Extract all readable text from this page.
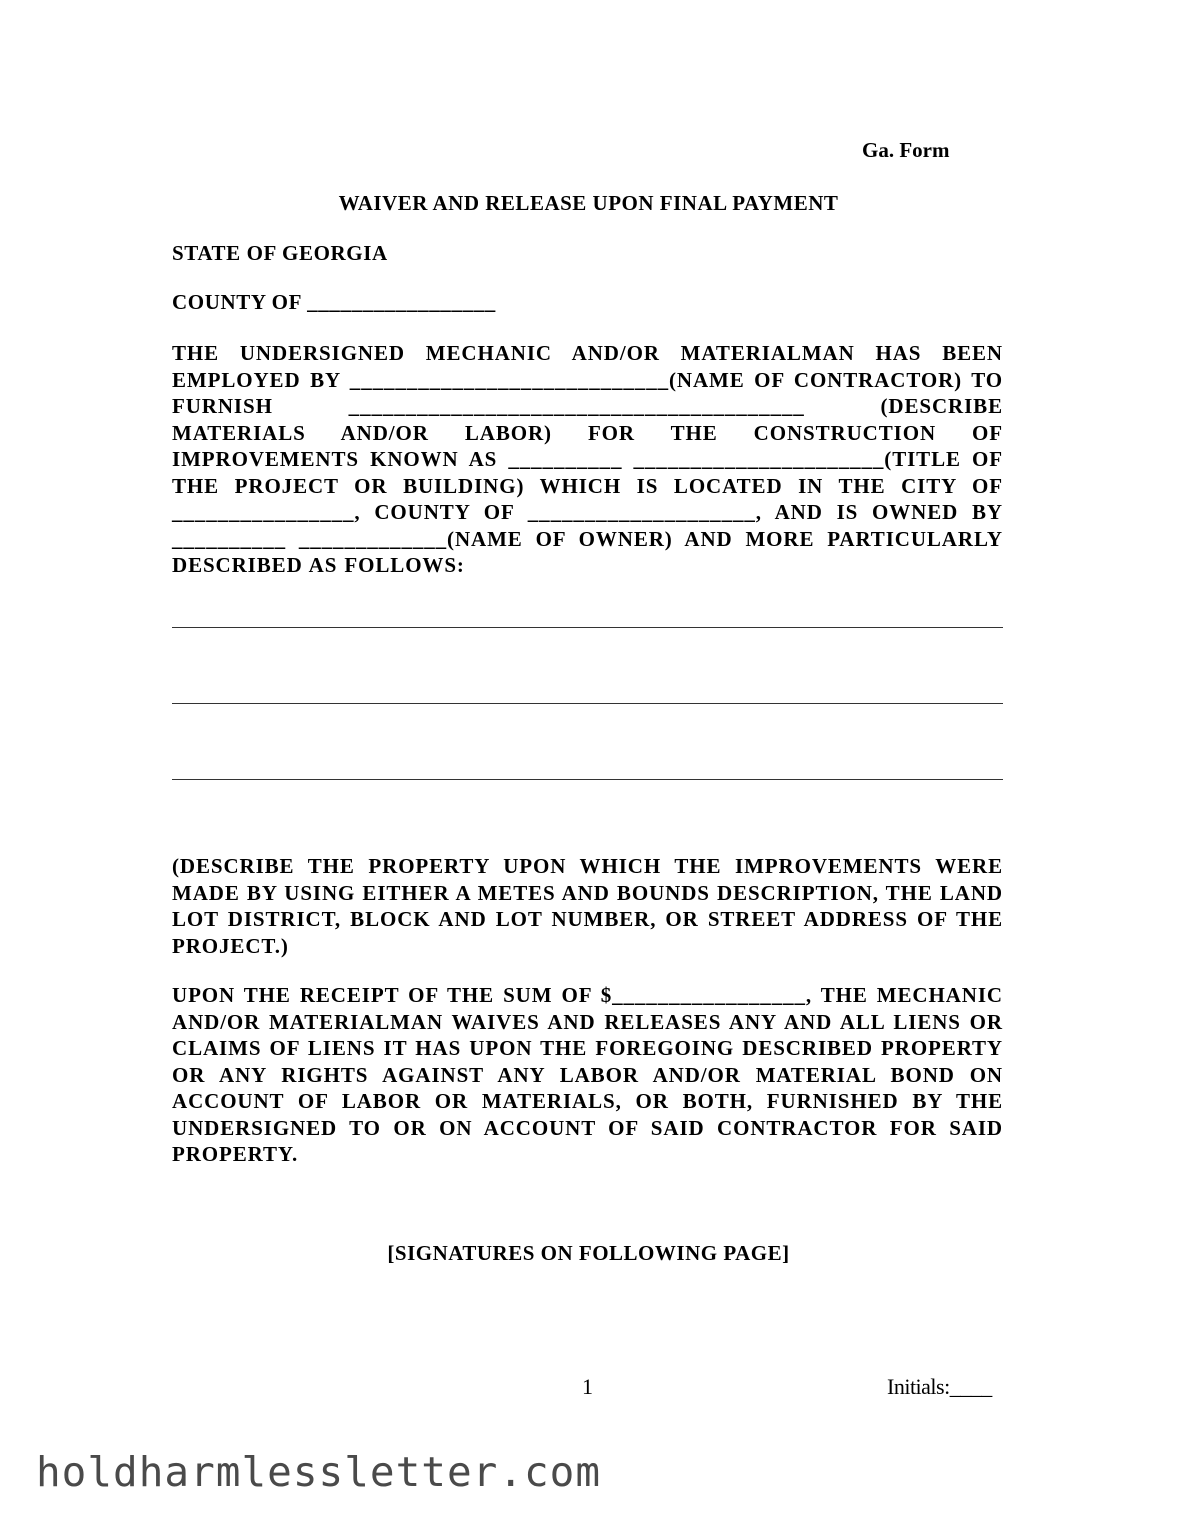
Ga. Form
WAIVER AND RELEASE UPON FINAL PAYMENT
STATE OF GEORGIA
COUNTY OF _________________
THE UNDERSIGNED MECHANIC AND/OR MATERIALMAN HAS BEEN EMPLOYED BY ____________________________(NAME OF CONTRACTOR) TO FURNISH ________________________________________ (DESCRIBE MATERIALS AND/OR LABOR) FOR THE CONSTRUCTION OF IMPROVEMENTS KNOWN AS __________ ______________________(TITLE OF THE PROJECT OR BUILDING) WHICH IS LOCATED IN THE CITY OF ________________, COUNTY OF ____________________, AND IS OWNED BY __________ _____________(NAME OF OWNER) AND MORE PARTICULARLY DESCRIBED AS FOLLOWS:
(DESCRIBE THE PROPERTY UPON WHICH THE IMPROVEMENTS WERE MADE BY USING EITHER A METES AND BOUNDS DESCRIPTION, THE LAND LOT DISTRICT, BLOCK AND LOT NUMBER, OR STREET ADDRESS OF THE PROJECT.)
UPON THE RECEIPT OF THE SUM OF $_________________, THE MECHANIC AND/OR MATERIALMAN WAIVES AND RELEASES ANY AND ALL LIENS OR CLAIMS OF LIENS IT HAS UPON THE FOREGOING DESCRIBED PROPERTY OR ANY RIGHTS AGAINST ANY LABOR AND/OR MATERIAL BOND ON ACCOUNT OF LABOR OR MATERIALS, OR BOTH, FURNISHED BY THE UNDERSIGNED TO OR ON ACCOUNT OF SAID CONTRACTOR FOR SAID PROPERTY.
[SIGNATURES ON FOLLOWING PAGE]
1	Initials:____
holdharmlessletter.com
